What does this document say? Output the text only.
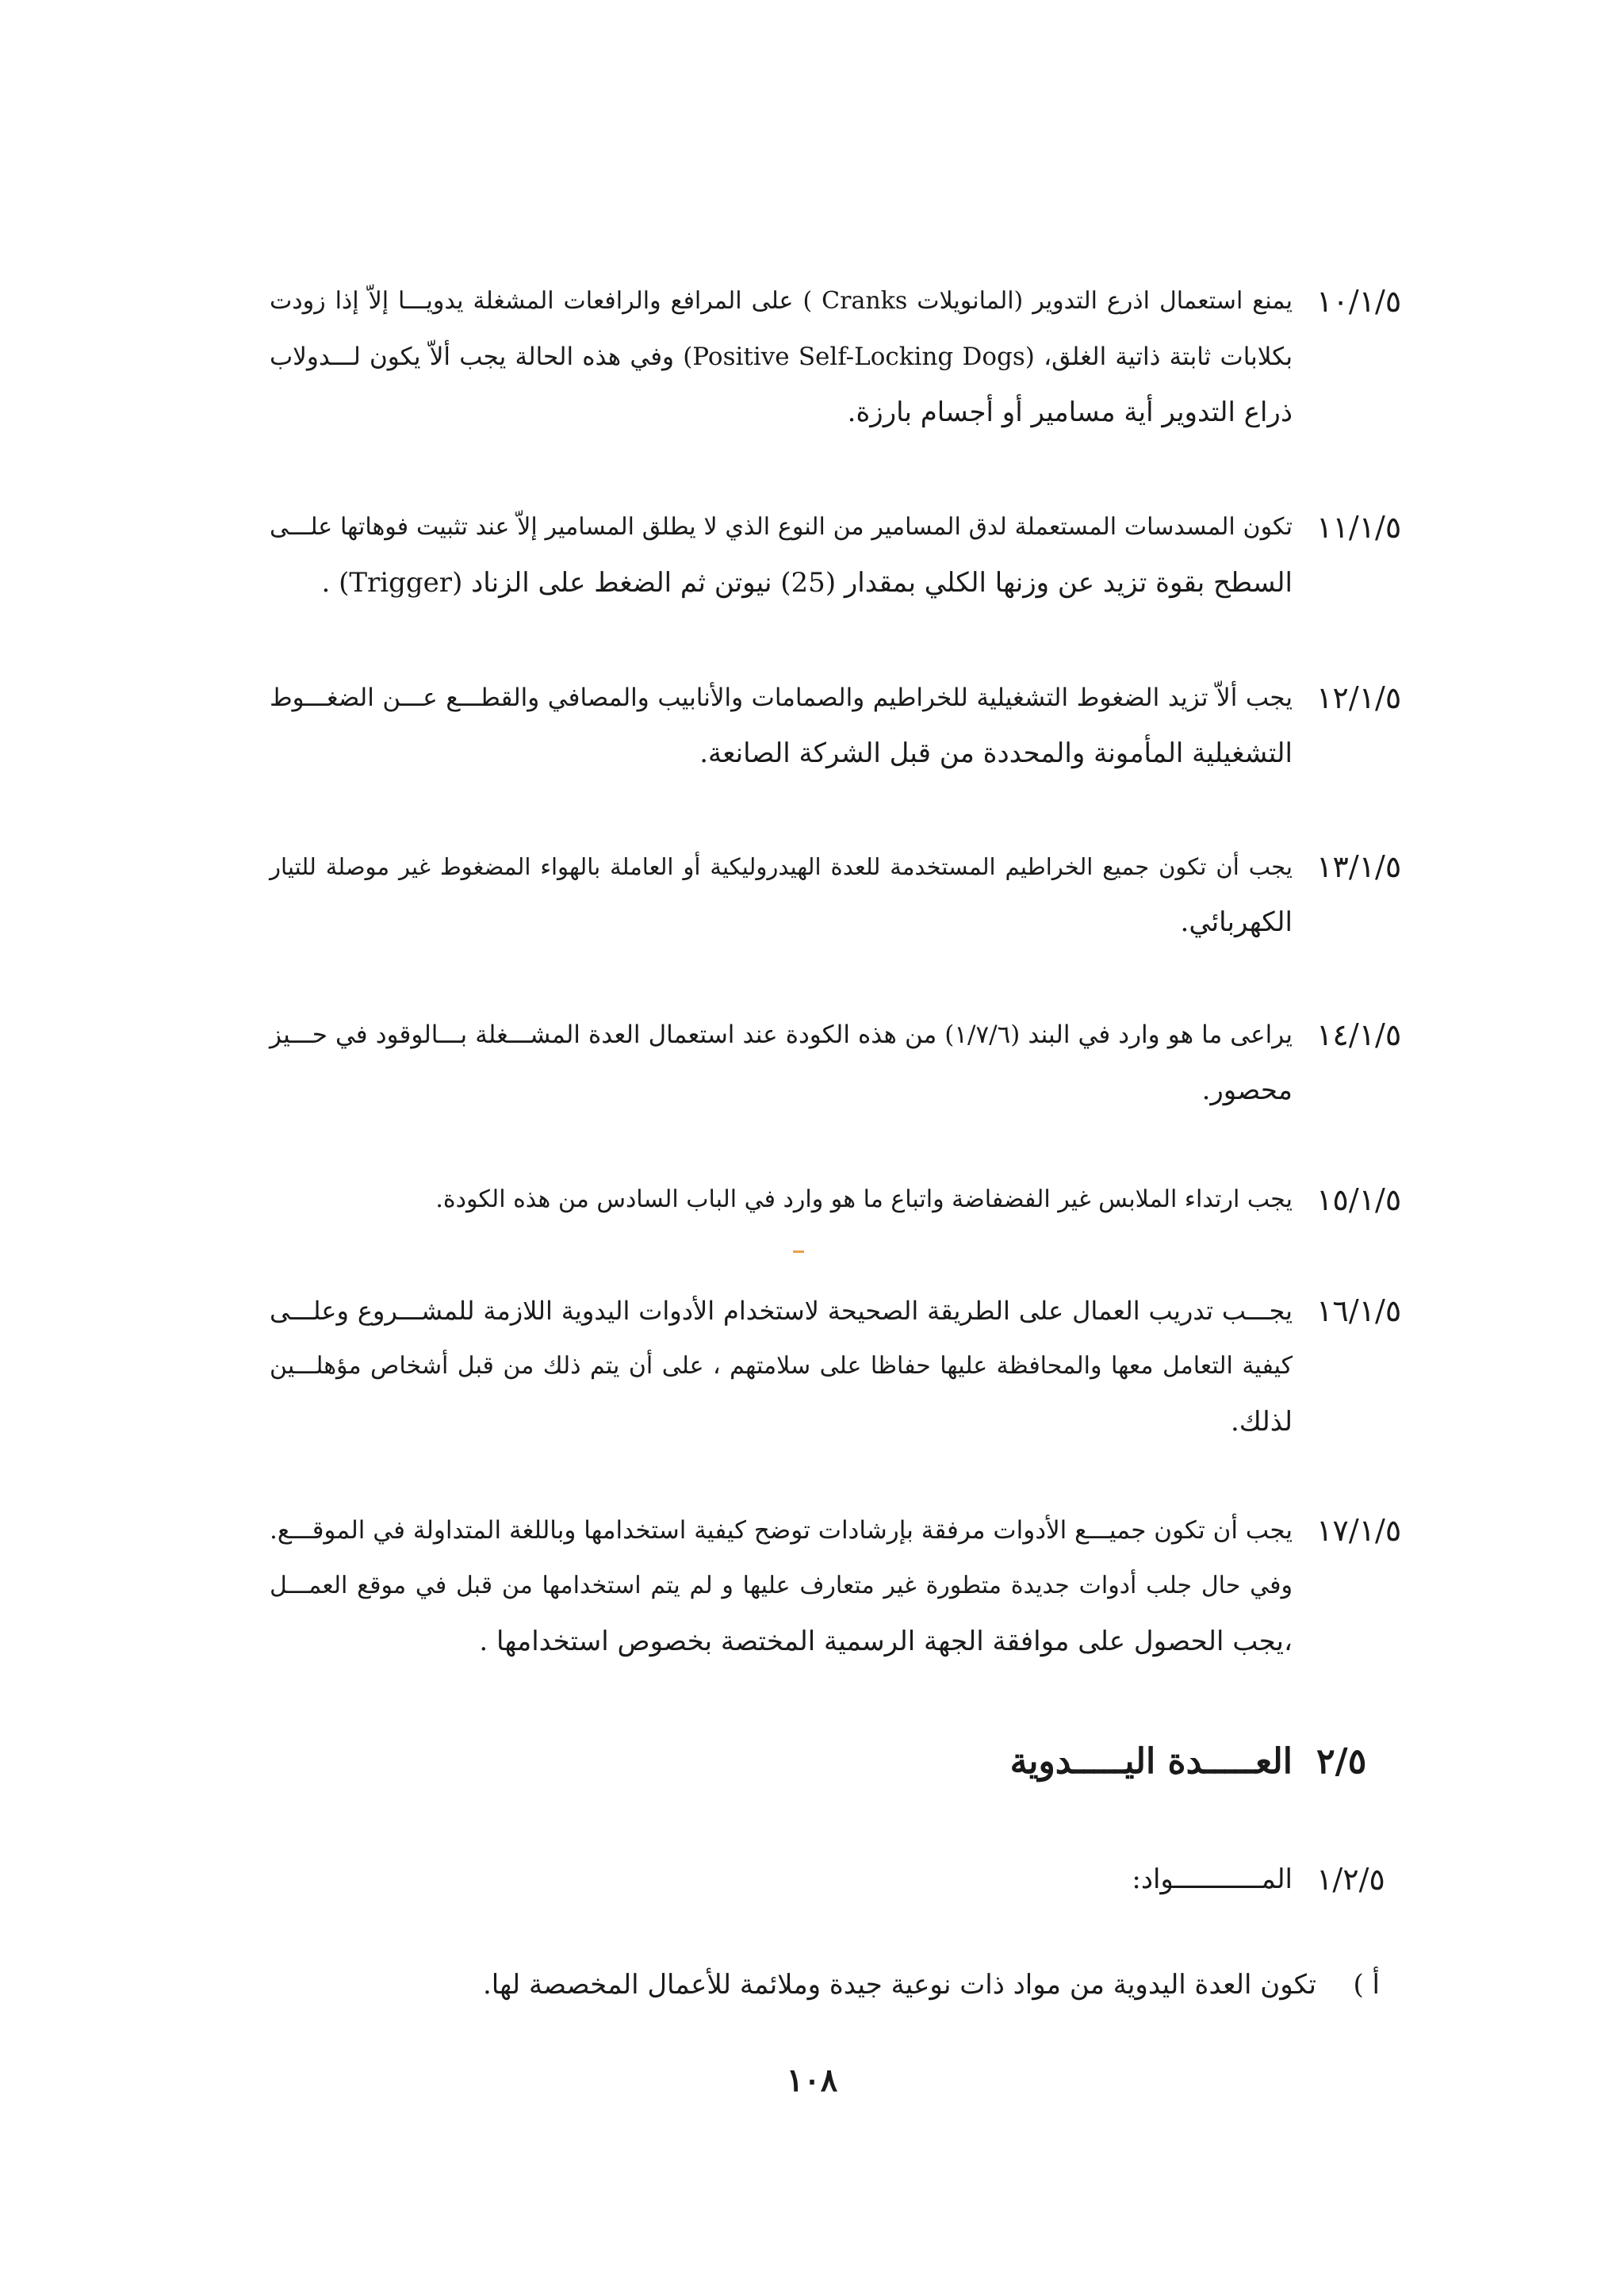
١٠/١/٥
يمنع استعمال اذرع التدوير (المانويلات Cranks ) على المرافع والرافعات المشغلة يدويـــا إلاّ إذا زودت
بكلابات ثابتة ذاتية الغلق، (Positive Self-Locking Dogs) وفي هذه الحالة يجب ألاّ يكون لـــدولاب
ذراع التدوير أية مسامير أو أجسام بارزة.
١١/١/٥
تكون المسدسات المستعملة لدق المسامير من النوع الذي لا يطلق المسامير إلاّ عند تثبيت فوهاتها علـــى
السطح بقوة تزيد عن وزنها الكلي بمقدار (25) نيوتن ثم الضغط على الزناد (Trigger) .
١٢/١/٥
يجب ألاّ تزيد الضغوط التشغيلية للخراطيم والصمامات والأنابيب والمصافي والقطـــع عـــن الضغـــوط
التشغيلية المأمونة والمحددة من قبل الشركة الصانعة.
١٣/١/٥
يجب أن تكون جميع الخراطيم المستخدمة للعدة الهيدروليكية أو العاملة بالهواء المضغوط غير موصلة للتيار
الكهربائي.
١٤/١/٥
يراعى ما هو وارد في البند (١/٧/٦) من هذه الكودة عند استعمال العدة المشـــغلة بـــالوقود في حـــيز
محصور.
١٥/١/٥
يجب ارتداء الملابس غير الفضفاضة واتباع ما هو وارد في الباب السادس من هذه الكودة.
١٦/١/٥
يجـــب تدريب العمال على الطريقة الصحيحة لاستخدام الأدوات اليدوية اللازمة للمشـــروع وعلـــى
كيفية التعامل معها والمحافظة عليها حفاظا على سلامتهم ، على أن يتم ذلك من قبل أشخاص مؤهلـــين
لذلك.
١٧/١/٥
يجب أن تكون جميـــع الأدوات مرفقة بإرشادات توضح كيفية استخدامها وباللغة المتداولة في الموقـــع.
وفي حال جلب أدوات جديدة متطورة غير متعارف عليها و لم يتم استخدامها من قبل في موقع العمـــل
،يجب الحصول على موافقة الجهة الرسمية المختصة بخصوص استخدامها .
٢/٥
العـــــدة اليـــــدوية
١/٢/٥
المـــــــــــواد:
أ )
تكون العدة اليدوية من مواد ذات نوعية جيدة وملائمة للأعمال المخصصة لها.
١٠٨
